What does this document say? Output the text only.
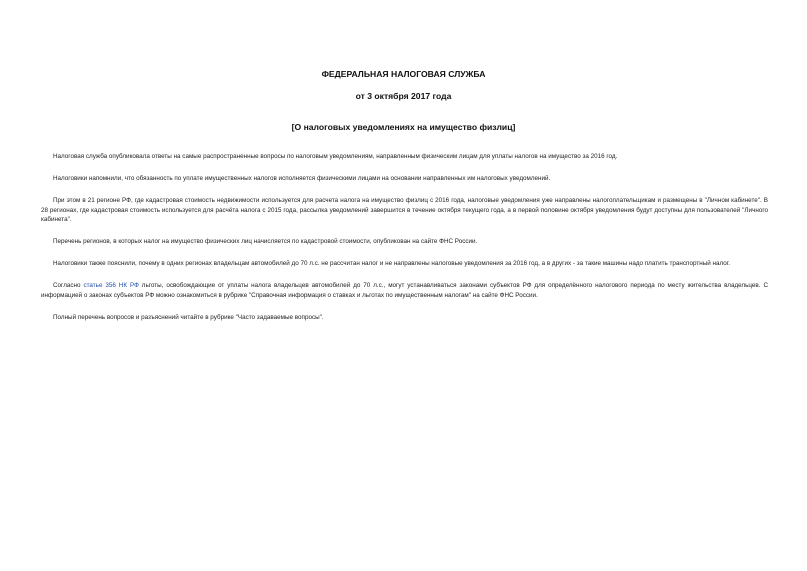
ФЕДЕРАЛЬНАЯ НАЛОГОВАЯ СЛУЖБА

от 3 октября 2017 года

[О налоговых уведомлениях на имущество физлиц]

Налоговая служба опубликовала ответы на самые распространенные вопросы по налоговым уведомлениям, направленным физическим лицам для уплаты налогов на имущество за 2016 год.

Налоговики напомнили, что обязанность по уплате имущественных налогов исполняется физическими лицами на основании направленных им налоговых уведомлений.

При этом в 21 регионе РФ, где кадастровая стоимость недвижимости используется для расчета налога на имущество физлиц с 2016 года, налоговые уведомления уже направлены налогоплательщикам и размещены в "Личном кабинете". В 28 регионах, где кадастровая стоимость используется для расчёта налога с 2015 года, рассылка уведомлений завершится в течение октября текущего года, а в первой половине октября уведомления будут доступны для пользователей "Личного кабинета".

Перечень регионов, в которых налог на имущество физических лиц начисляется по кадастровой стоимости, опубликован на сайте ФНС России.

Налоговики также пояснили, почему в одних регионах владельцам автомобилей до 70 л.с. не рассчитан налог и не направлены налоговые уведомления за 2016 год, а в других - за такие машины надо платить транспортный налог.

Согласно статье 356 НК РФ льготы, освобождающие от уплаты налога владельцев автомобилей до 70 л.с., могут устанавливаться законами субъектов РФ для определённого налогового периода по месту жительства владельцев. С информацией о законах субъектов РФ можно ознакомиться в рубрике "Справочная информация о ставках и льготах по имущественным налогам" на сайте ФНС России.

Полный перечень вопросов и разъяснений читайте в рубрике "Часто задаваемые вопросы".
